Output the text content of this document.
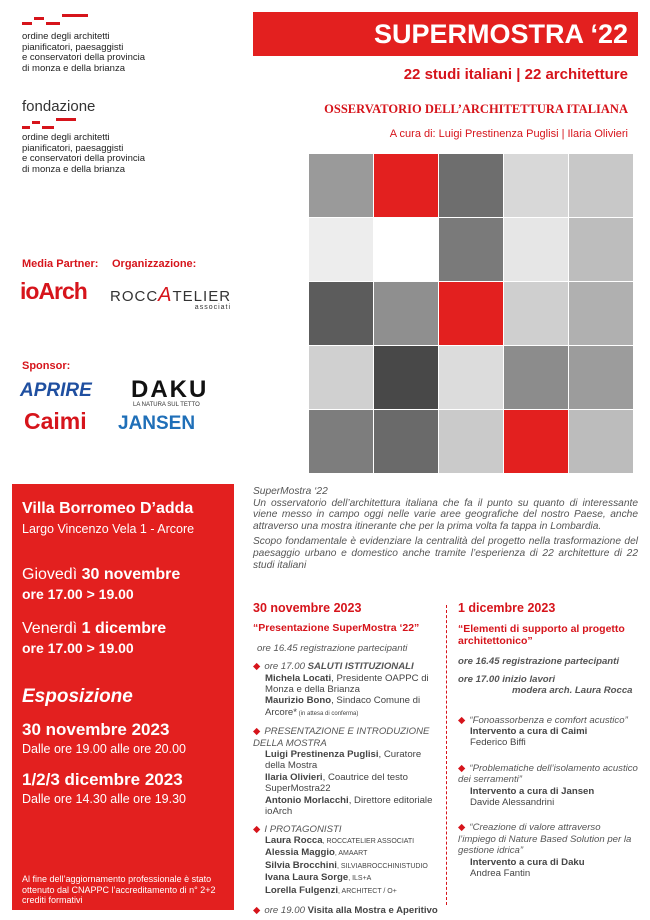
ordine degli architetti
pianificatori, paesaggisti
e conservatori della provincia
di monza e della brianza
fondazione
ordine degli architetti
pianificatori, paesaggisti
e conservatori della provincia
di monza e della brianza
SUPERMOSTRA ‘22
22 studi italiani | 22 architetture
OSSERVATORIO DELL’ARCHITETTURA ITALIANA
A cura di: Luigi Prestinenza Puglisi | Ilaria Olivieri
Media Partner: Organizzazione:
ioArch ROCCATELIER
associati
Sponsor:
APRIRE DAKU
LA NATURA SUL TETTO
Caimi JANSEN
Villa Borromeo D’adda
Largo Vincenzo Vela 1 - Arcore
Giovedì 30 novembre
ore 17.00 > 19.00
Venerdì 1 dicembre
ore 17.00 > 19.00
Esposizione
30 novembre 2023
Dalle ore 19.00 alle ore 20.00
1/2/3 dicembre 2023
Dalle ore 14.30 alle ore 19.30
Al fine dell’aggiornamento professionale è stato ottenuto dal CNAPPC l’accreditamento di n° 2+2 crediti formativi
SuperMostra ‘22
Un osservatorio dell’architettura italiana che fa il punto su quanto di interessante viene messo in campo oggi nelle varie aree geografiche del nostro Paese, anche attraverso una mostra itinerante che per la prima volta fa tappa in Lombardia.
Scopo fondamentale è evidenziare la centralità del progetto nella trasformazione del paesaggio urbano e domestico anche tramite l’esperienza di 22 architetture di 22 studi italiani
30 novembre 2023
“Presentazione SuperMostra ‘22”
ore 16.45 registrazione partecipanti
◆ ore 17.00 SALUTI ISTITUZIONALI
Michela Locati, Presidente OAPPC di Monza e della Brianza
Maurizio Bono, Sindaco Comune di Arcore* (in attesa di conferma)
◆ PRESENTAZIONE E INTRODUZIONE DELLA MOSTRA
Luigi Prestinenza Puglisi, Curatore della Mostra
Ilaria Olivieri, Coautrice del testo SuperMostra22
Antonio Morlacchi, Direttore editoriale ioArch
◆ I PROTAGONISTI
Laura Rocca, ROCCATELIER ASSOCIATI
Alessia Maggio, AMAART
Silvia Brocchini, SILVIABROCCHINISTUDIO
Ivana Laura Sorge, ILS+A
Lorella Fulgenzi, ARCHITECT / O+
◆ ore 19.00 Visita alla Mostra e Aperitivo
1 dicembre 2023
“Elementi di supporto al progetto architettonico”
ore 16.45 registrazione partecipanti
ore 17.00 inizio lavori
modera arch. Laura Rocca
◆ “Fonoassorbenza e comfort acustico”
Intervento a cura di Caimi
Federico Biffi
◆ “Problematiche dell’isolamento acustico dei serramenti”
Intervento a cura di Jansen
Davide Alessandrini
◆ “Creazione di valore attraverso l’impiego di Nature Based Solution per la gestione idrica”
Intervento a cura di Daku
Andrea Fantin
